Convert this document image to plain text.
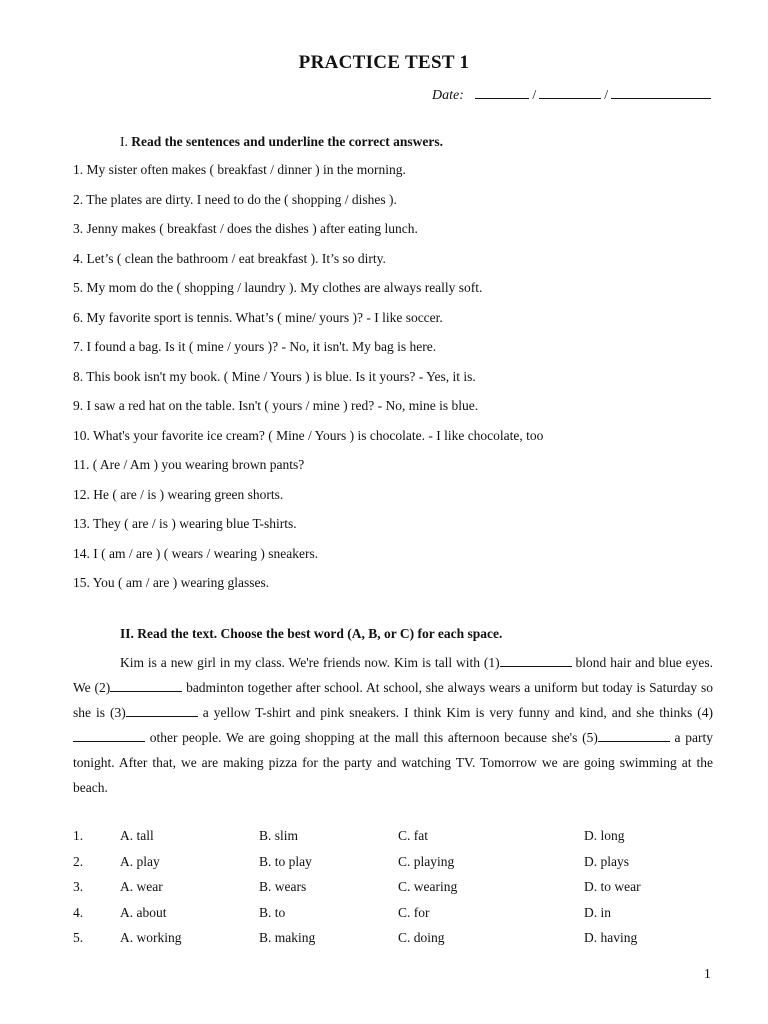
PRACTICE TEST 1
Date:	/	/
I. Read the sentences and underline the correct answers.
1. My sister often makes ( breakfast / dinner ) in the morning.
2. The plates are dirty. I need to do the ( shopping / dishes ).
3. Jenny makes ( breakfast / does the dishes ) after eating lunch.
4. Let’s ( clean the bathroom / eat breakfast ). It’s so dirty.
5. My mom do the ( shopping / laundry ). My clothes are always really soft.
6. My favorite sport is tennis. What’s ( mine/ yours )? - I like soccer.
7. I found a bag. Is it ( mine / yours )? - No, it isn't. My bag is here.
8. This book isn't my book. ( Mine / Yours ) is blue. Is it yours? - Yes, it is.
9. I saw a red hat on the table. Isn't ( yours / mine ) red? - No, mine is blue.
10. What's your favorite ice cream? ( Mine / Yours ) is chocolate. - I like chocolate, too
11. ( Are / Am ) you wearing brown pants?
12. He ( are / is ) wearing green shorts.
13. They ( are / is ) wearing blue T-shirts.
14. I ( am / are ) ( wears / wearing ) sneakers.
15. You ( am / are ) wearing glasses.
II. Read the text. Choose the best word (A, B, or C) for each space.

Kim is a new girl in my class. We're friends now. Kim is tall with (1)	blond hair and blue eyes. We (2)	badminton together after school. At school, she always wears a uniform but today is Saturday so she is (3)	a yellow T-shirt and pink sneakers. I think Kim is very funny and kind, and she thinks (4) other people. We are going shopping at the mall this afternoon because she's (5)	a party tonight. After that, we are making pizza for the party and watching TV. Tomorrow we are going swimming at the beach.

1.	A. tall	B. slim	C. fat	D. long
2.	A. play	B. to play	C. playing	D. plays
3.	A. wear	B. wears	C. wearing	D. to wear
4.	A. about	B. to	C. for	D. in
5.	A. working	B. making	C. doing	D. having
1
